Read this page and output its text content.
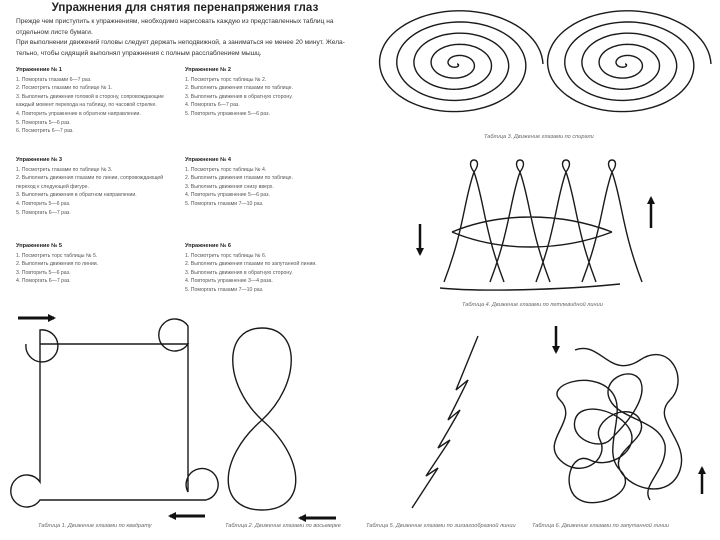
Упражнения для снятия перенапряжения глаз

Прежде чем приступить к упражнениям, необходимо нарисовать каждую из представленных таблиц на

отдельном листе бумаги.

При выполнении движений головы следует держать неподвижной, а заниматься не менее 20 минут. Жела-

тельно, чтобы сидящий выполнял упражнения с полным расслаблением мышц.

Упражнение № 1
1. Поморгать глазами 6—7 раз.
2. Посмотреть глазами по таблице № 1.
3. Выполнить движения головой в сторону, сопровождающие
каждый момент перехода на таблицу, по часовой стрелке.
4. Повторить упражнение в обратном направлении.
5. Поморгать 5—6 раз.
6. Посмотреть 6—7 раз.
Упражнение № 2
1. Посмотреть торс таблицы № 2.
2. Выполнить движения глазами по таблице.
3. Выполнить движения в обратную сторону.
4. Поморгать 6—7 раз.
5. Повторить упражнение 5—6 раз.
Упражнение № 3
1. Посмотреть глазами по таблице № 3.
2. Выполнить движения глазами по линии, сопровождающей
переход к следующей фигуре.
3. Выполнить движения в обратном направлении.
4. Повторить 5—6 раз.
5. Поморгать 6—7 раз.
Упражнение № 4
1. Посмотреть торс таблицы № 4.
2. Выполнить движения глазами по таблице.
3. Выполнить движения снизу вверх.
4. Повторить упражнение 5—6 раз.
5. Поморгать глазами 7—10 раз.
Упражнение № 5
1. Посмотреть торс таблицы № 5.
2. Выполнить движения по линии.
3. Повторить 5—6 раз.
4. Поморгать 6—7 раз.
Упражнение № 6
1. Посмотреть торс таблицы № 6.
2. Выполнить движения глазами по запутанной линии.
3. Выполнить движения в обратную сторону.
4. Повторить упражнение 3—4 раза.
5. Поморгать глазами 7—10 раз.
Таблица 1. Движение глазами по квадрату	Таблица 2. Движение глазами по восьмерке
Таблица 3. Движение глазами по спирали
Таблица 4. Движение глазами по петлевидной линии
Таблица 5. Движение глазами по зигзагообразной линии	Таблица 6. Движение глазами по запутанной линии
